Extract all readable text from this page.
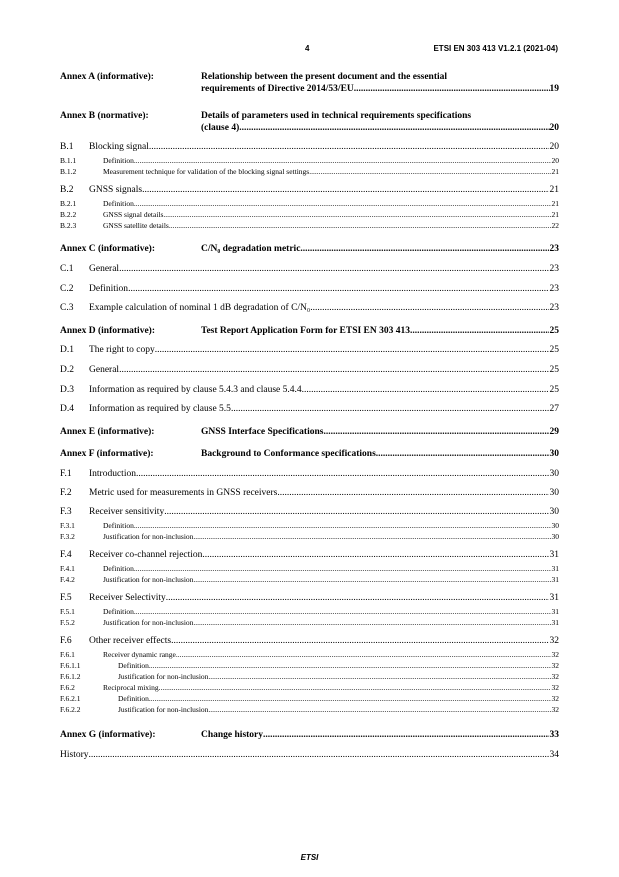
4	ETSI EN 303 413 V1.2.1 (2021-04)
Annex A (informative):	Relationship between the present document and the essential
requirements of Directive 2014/53/EU .....	19
Annex B (normative):	Details of parameters used in technical requirements specifications
(clause 4) .....	20
B.1	Blocking signal .....	20
B.1.1	Definition .....	20
B.1.2	Measurement technique for validation of the blocking signal settings .....	21
B.2	GNSS signals .....	21
B.2.1	Definition .....	21
B.2.2	GNSS signal details .....	21
B.2.3	GNSS satellite details .....	22
Annex C (informative):	C/N₀ degradation metric .....	23
C.1	General .....	23
C.2	Definition .....	23
C.3	Example calculation of nominal 1 dB degradation of C/N₀ .....	23
Annex D (informative):	Test Report Application Form for ETSI EN 303 413 .....	25
D.1	The right to copy .....	25
D.2	General .....	25
D.3	Information as required by clause 5.4.3 and clause 5.4.4 .....	25
D.4	Information as required by clause 5.5 .....	27
Annex E (informative):	GNSS Interface Specifications .....	29
Annex F (informative):	Background to Conformance specifications .....	30
F.1	Introduction .....	30
F.2	Metric used for measurements in GNSS receivers .....	30
F.3	Receiver sensitivity .....	30
F.3.1	Definition .....	30
F.3.2	Justification for non-inclusion .....	30
F.4	Receiver co-channel rejection .....	31
F.4.1	Definition .....	31
F.4.2	Justification for non-inclusion .....	31
F.5	Receiver Selectivity .....	31
F.5.1	Definition .....	31
F.5.2	Justification for non-inclusion .....	31
F.6	Other receiver effects .....	32
F.6.1	Receiver dynamic range .....	32
F.6.1.1	Definition .....	32
F.6.1.2	Justification for non-inclusion .....	32
F.6.2	Reciprocal mixing .....	32
F.6.2.1	Definition .....	32
F.6.2.2	Justification for non-inclusion .....	32
Annex G (informative):	Change history .....	33
History .....	34
ETSI
